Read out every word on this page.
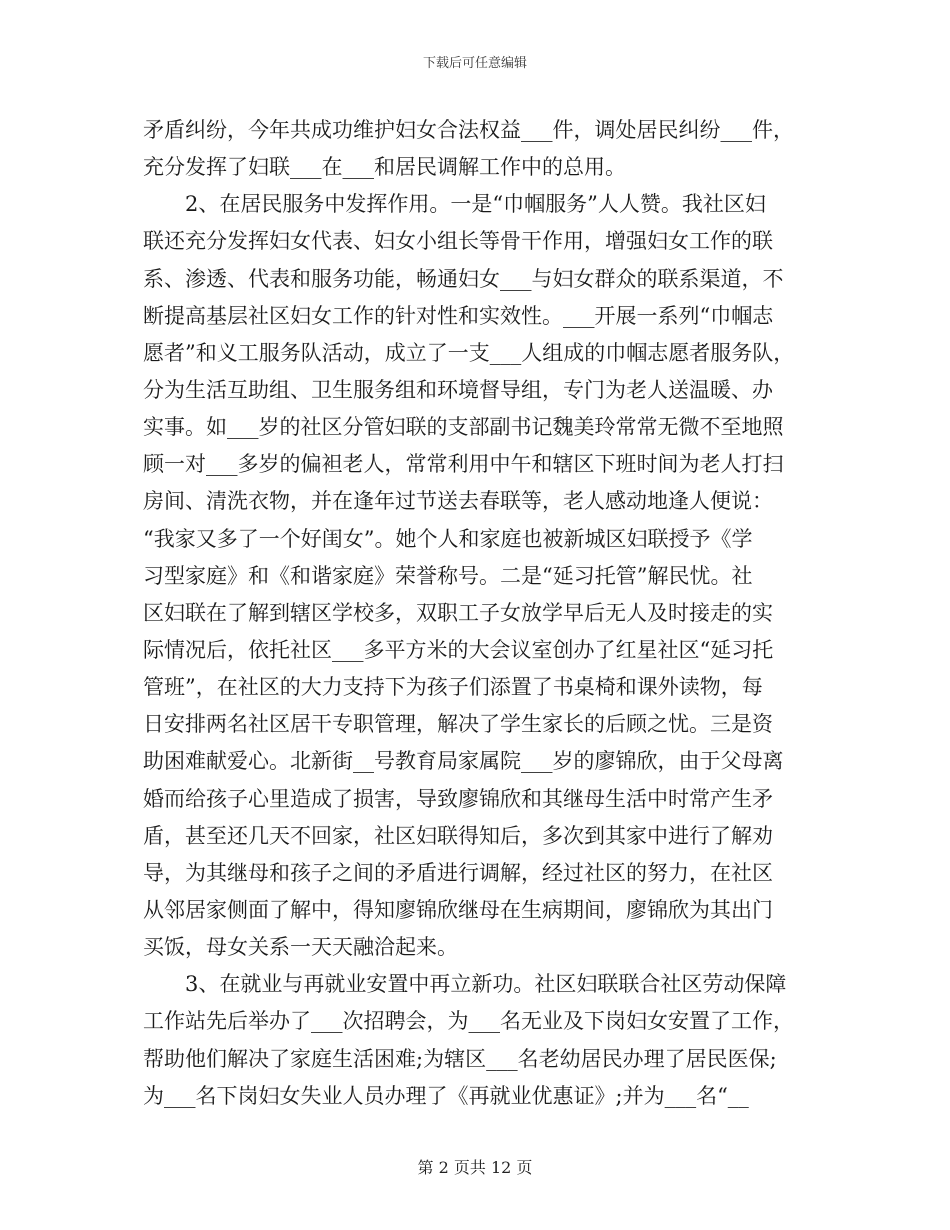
下载后可任意编辑
矛盾纠纷，今年共成功维护妇女合法权益___件，调处居民纠纷___件，
充分发挥了妇联___在___和居民调解工作中的总用。
　　2、在居民服务中发挥作用。一是“巾帼服务”人人赞。我社区妇
联还充分发挥妇女代表、妇女小组长等骨干作用，增强妇女工作的联
系、渗透、代表和服务功能，畅通妇女___与妇女群众的联系渠道，不
断提高基层社区妇女工作的针对性和实效性。___开展一系列“巾帼志
愿者”和义工服务队活动，成立了一支___人组成的巾帼志愿者服务队，
分为生活互助组、卫生服务组和环境督导组，专门为老人送温暖、办
实事。如___岁的社区分管妇联的支部副书记魏美玲常常无微不至地照
顾一对___多岁的偏袒老人，常常利用中午和辖区下班时间为老人打扫
房间、清洗衣物，并在逢年过节送去春联等，老人感动地逢人便说：
“我家又多了一个好闺女”。她个人和家庭也被新城区妇联授予《学
习型家庭》和《和谐家庭》荣誉称号。二是“延习托管”解民忧。社
区妇联在了解到辖区学校多，双职工子女放学早后无人及时接走的实
际情况后，依托社区___多平方米的大会议室创办了红星社区“延习托
管班”，在社区的大力支持下为孩子们添置了书桌椅和课外读物，每
日安排两名社区居干专职管理，解决了学生家长的后顾之忧。三是资
助困难献爱心。北新街__号教育局家属院___岁的廖锦欣，由于父母离
婚而给孩子心里造成了损害，导致廖锦欣和其继母生活中时常产生矛
盾，甚至还几天不回家，社区妇联得知后，多次到其家中进行了解劝
导，为其继母和孩子之间的矛盾进行调解，经过社区的努力，在社区
从邻居家侧面了解中，得知廖锦欣继母在生病期间，廖锦欣为其出门
买饭，母女关系一天天融洽起来。
　　3、在就业与再就业安置中再立新功。社区妇联联合社区劳动保障
工作站先后举办了___次招聘会，为___名无业及下岗妇女安置了工作，
帮助他们解决了家庭生活困难;为辖区___名老幼居民办理了居民医保;
为___名下岗妇女失业人员办理了《再就业优惠证》;并为___名“__
第 2 页共 12 页
